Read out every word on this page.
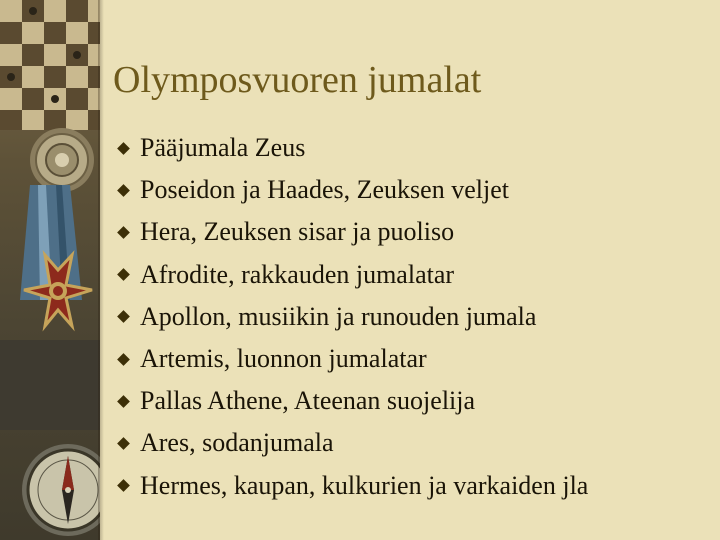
Olymposvuoren jumalat
Pääjumala Zeus
Poseidon ja Haades, Zeuksen veljet
Hera, Zeuksen sisar ja puoliso
Afrodite, rakkauden jumalatar
Apollon, musiikin ja runouden jumala
Artemis, luonnon jumalatar
Pallas Athene, Ateenan suojelija
Ares, sodanjumala
Hermes, kaupan, kulkurien ja varkaiden jla
